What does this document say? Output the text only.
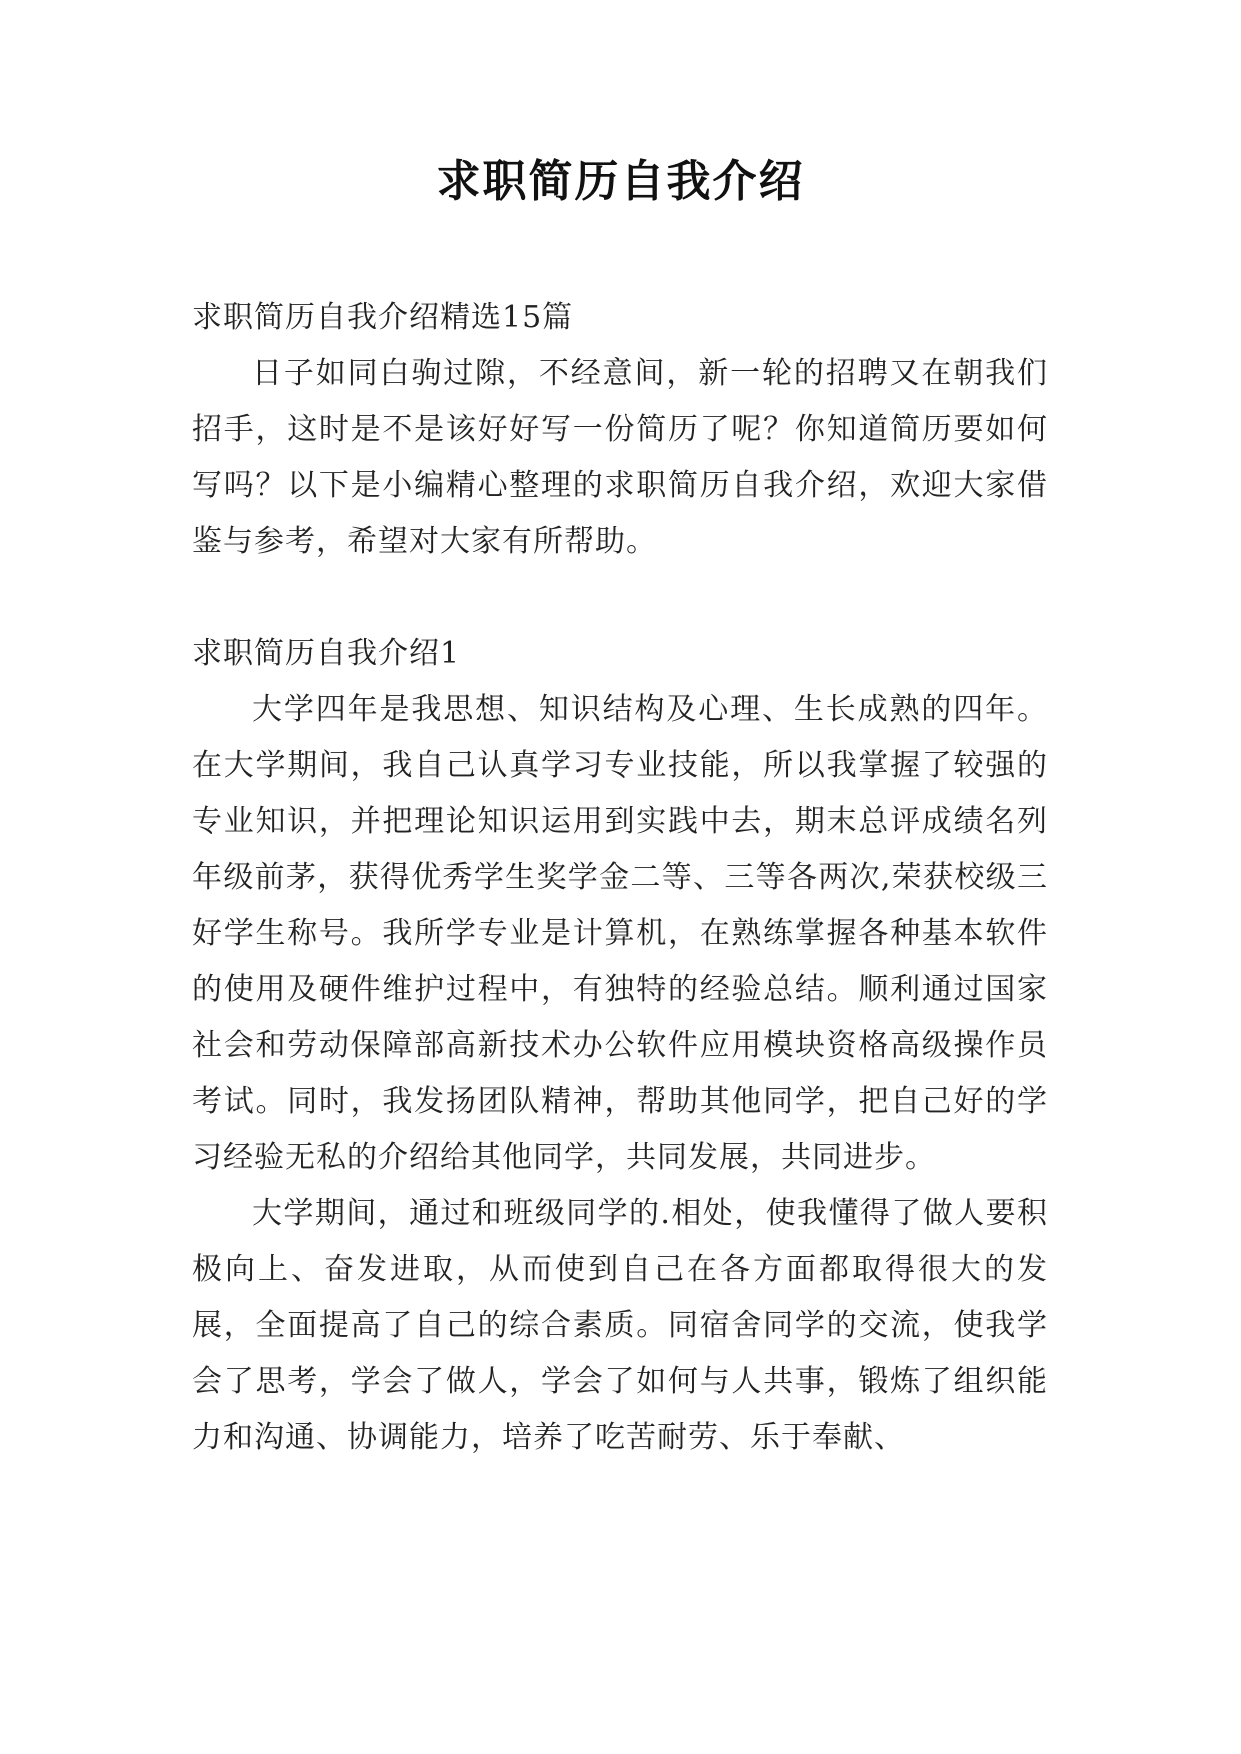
求职简历自我介绍

求职简历自我介绍精选15篇

日子如同白驹过隙，不经意间，新一轮的招聘又在朝我们招手，这时是不是该好好写一份简历了呢？你知道简历要如何写吗？以下是小编精心整理的求职简历自我介绍，欢迎大家借鉴与参考，希望对大家有所帮助。

求职简历自我介绍1

大学四年是我思想、知识结构及心理、生长成熟的四年。在大学期间，我自己认真学习专业技能，所以我掌握了较强的专业知识，并把理论知识运用到实践中去，期末总评成绩名列年级前茅，获得优秀学生奖学金二等、三等各两次,荣获校级三好学生称号。我所学专业是计算机，在熟练掌握各种基本软件的使用及硬件维护过程中，有独特的经验总结。顺利通过国家社会和劳动保障部高新技术办公软件应用模块资格高级操作员考试。同时，我发扬团队精神，帮助其他同学，把自己好的学习经验无私的介绍给其他同学，共同发展，共同进步。

大学期间，通过和班级同学的.相处，使我懂得了做人要积极向上、奋发进取，从而使到自己在各方面都取得很大的发展，全面提高了自己的综合素质。同宿舍同学的交流，使我学会了思考，学会了做人，学会了如何与人共事，锻炼了组织能力和沟通、协调能力，培养了吃苦耐劳、乐于奉献、
